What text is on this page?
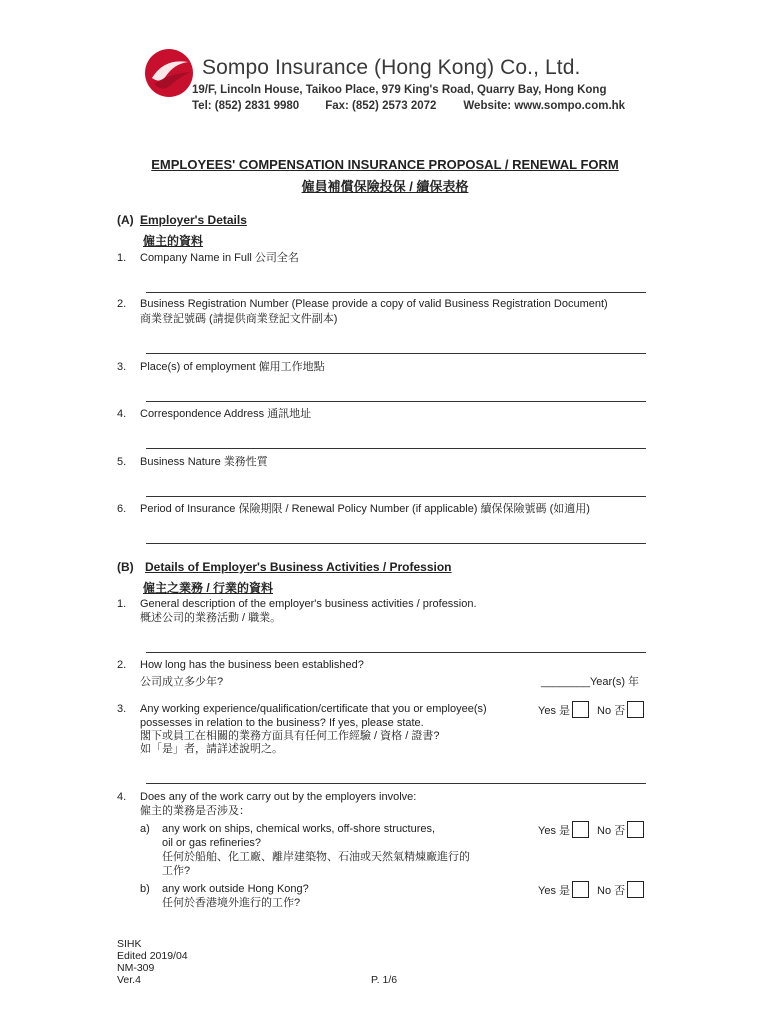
Sompo Insurance (Hong Kong) Co., Ltd.
19/F, Lincoln House, Taikoo Place, 979 King's Road, Quarry Bay, Hong Kong
Tel: (852) 2831 9980 Fax: (852) 2573 2072 Website: www.sompo.com.hk
EMPLOYEES' COMPENSATION INSURANCE PROPOSAL / RENEWAL FORM
僱員補償保險投保 / 續保表格
(A) Employer's Details
僱主的資料
1. Company Name in Full 公司全名
2. Business Registration Number (Please provide a copy of valid Business Registration Document)
商業登記號碼 (請提供商業登記文件副本)
3. Place(s) of employment 僱用工作地點
4. Correspondence Address 通訊地址
5. Business Nature 業務性質
6. Period of Insurance 保險期限 / Renewal Policy Number (if applicable) 續保保險號碼 (如適用)
(B) Details of Employer's Business Activities / Profession
僱主之業務 / 行業的資料
1. General description of the employer's business activities / profession.
概述公司的業務活動 / 職業。
2. How long has the business been established?
公司成立多少年?	________Year(s) 年
3. Any working experience/qualification/certificate that you or employee(s)
possesses in relation to the business? If yes, please state.
閣下或員工在相關的業務方面具有任何工作經驗 / 資格 / 證書?
如「是」者，請詳述說明之。
Yes 是 No 否
4. Does any of the work carry out by the employers involve:
僱主的業務是否涉及：
a) any work on ships, chemical works, off-shore structures,
oil or gas refineries?
任何於船舶、化工廠、離岸建築物、石油或天然氣精煉廠進行的
工作?
Yes 是 No 否
b) any work outside Hong Kong?
任何於香港境外進行的工作?
Yes 是 No 否
SIHK
Edited 2019/04
NM-309
Ver.4	P. 1/6
